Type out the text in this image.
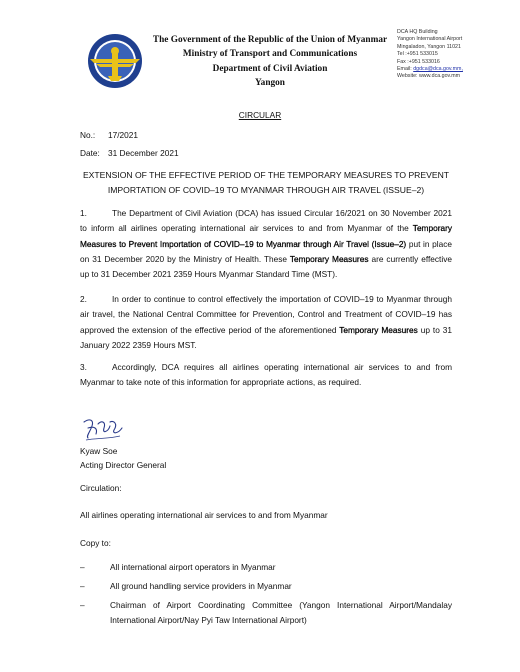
The Government of the Republic of the Union of Myanmar
Ministry of Transport and Communications
Department of Civil Aviation
Yangon
DCA HQ Building
Yangon International Airport
Mingaladon, Yangon 11021
Tel :+951 533015
Fax :+951 533016
Email: dgdca@dca.gov.mm,
Website: www.dca.gov.mm
CIRCULAR
No.: 17/2021
Date: 31 December 2021
EXTENSION OF THE EFFECTIVE PERIOD OF THE TEMPORARY MEASURES TO PREVENT
IMPORTATION OF COVID–19 TO MYANMAR THROUGH AIR TRAVEL (ISSUE–2)
1.	The Department of Civil Aviation (DCA) has issued Circular 16/2021 on 30 November 2021 to inform all airlines operating international air services to and from Myanmar of the Temporary Measures to Prevent Importation of COVID–19 to Myanmar through Air Travel (Issue–2) put in place on 31 December 2020 by the Ministry of Health. These Temporary Measures are currently effective up to 31 December 2021 2359 Hours Myanmar Standard Time (MST).
2.	In order to continue to control effectively the importation of COVID–19 to Myanmar through air travel, the National Central Committee for Prevention, Control and Treatment of COVID–19 has approved the extension of the effective period of the aforementioned Temporary Measures up to 31 January 2022 2359 Hours MST.
3.	Accordingly, DCA requires all airlines operating international air services to and from Myanmar to take note of this information for appropriate actions, as required.
Kyaw Soe
Acting Director General
Circulation:
All airlines operating international air services to and from Myanmar
Copy to:
–	All international airport operators in Myanmar
–	All ground handling service providers in Myanmar
–	Chairman of Airport Coordinating Committee (Yangon International Airport/Mandalay International Airport/Nay Pyi Taw International Airport)
